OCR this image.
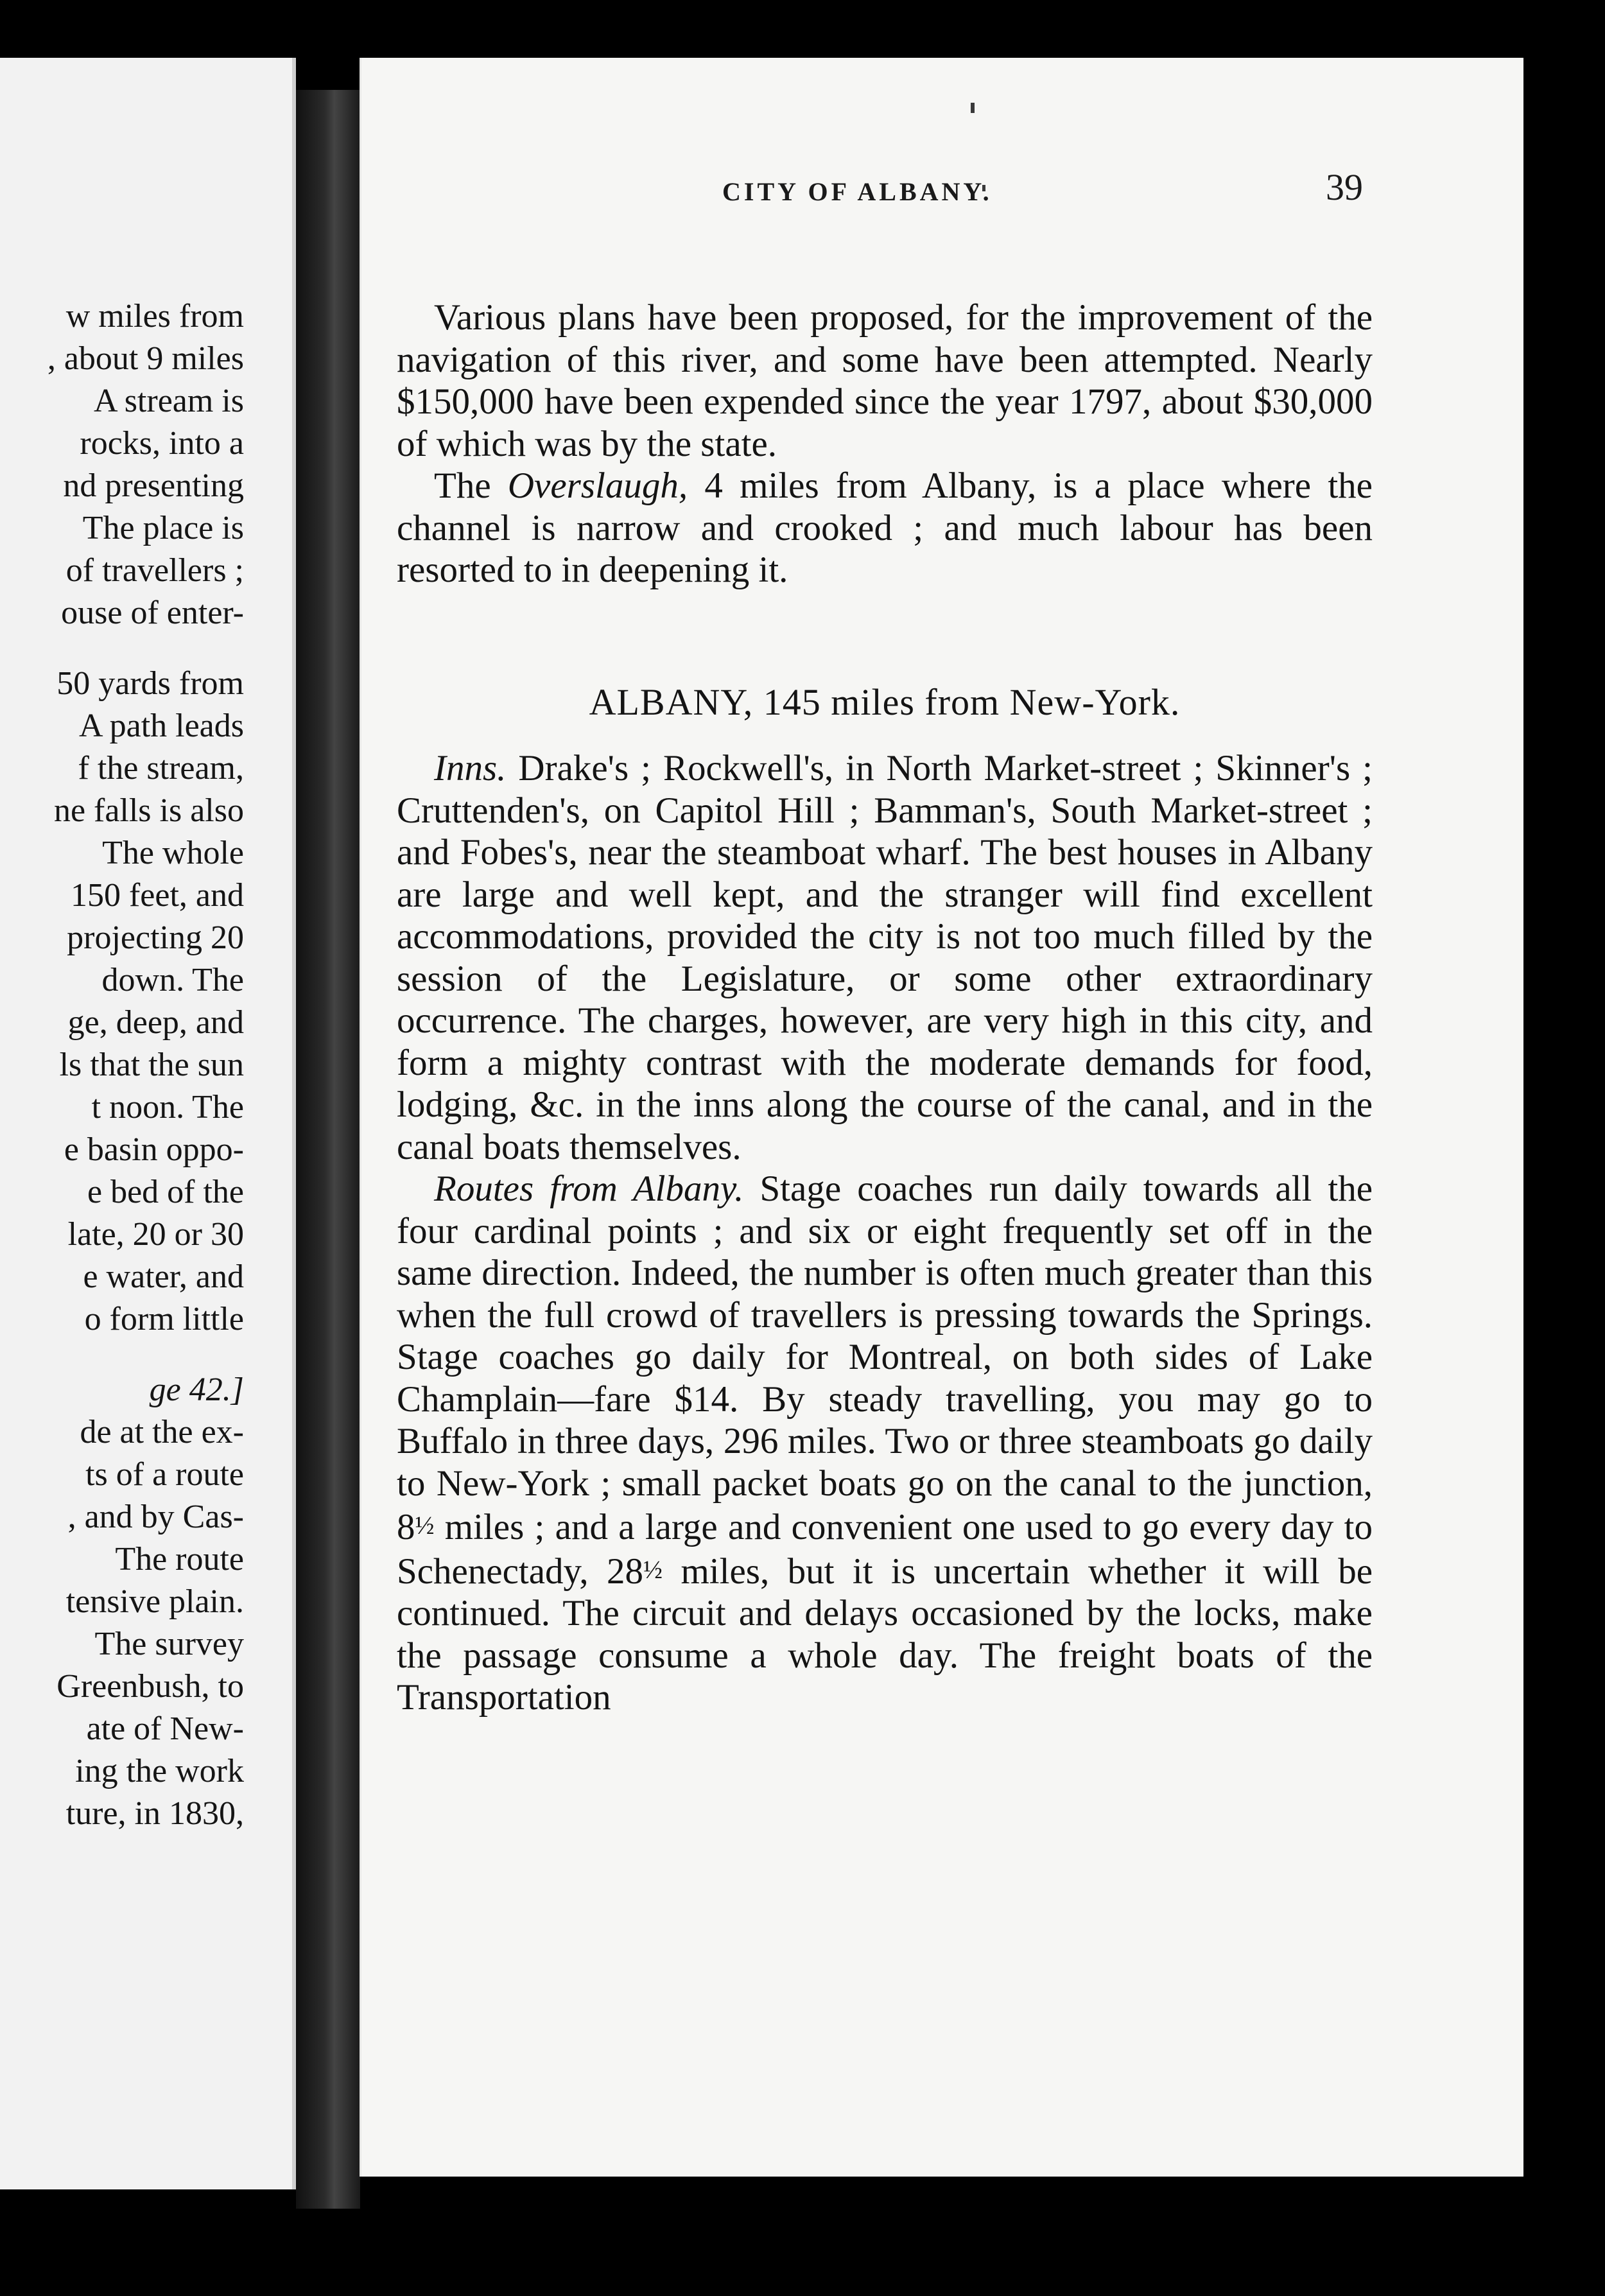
w miles from
, about 9 miles
A stream is
rocks, into a
nd presenting
The place is
of travellers ;
ouse of enter-
50 yards from
A path leads
f the stream,
ne falls is also
The whole
150 feet, and
projecting 20
down. The
ge, deep, and
ls that the sun
t noon. The
e basin oppo-
e bed of the
late, 20 or 30
e water, and
o form little
ge 42.]
de at the ex-
ts of a route
, and by Cas-
The route
tensive plain.
The survey
Greenbush, to
ate of New-
ing the work
ture, in 1830,
CITY OF ALBANY.	39

Various plans have been proposed, for the improvement of the navigation of this river, and some have been attempted. Nearly $150,000 have been expended since the year 1797, about $30,000 of which was by the state.

The Overslaugh, 4 miles from Albany, is a place where the channel is narrow and crooked ; and much labour has been resorted to in deepening it.

ALBANY, 145 miles from New-York.

Inns. Drake's ; Rockwell's, in North Market-street ; Skinner's ; Cruttenden's, on Capitol Hill ; Bamman's, South Market-street ; and Fobes's, near the steamboat wharf. The best houses in Albany are large and well kept, and the stranger will find excellent accommodations, provided the city is not too much filled by the session of the Legislature, or some other extraordinary occurrence. The charges, however, are very high in this city, and form a mighty contrast with the moderate demands for food, lodging, &c. in the inns along the course of the canal, and in the canal boats themselves.

Routes from Albany. Stage coaches run daily towards all the four cardinal points ; and six or eight frequently set off in the same direction. Indeed, the number is often much greater than this when the full crowd of travellers is pressing towards the Springs. Stage coaches go daily for Montreal, on both sides of Lake Champlain—fare $14. By steady travelling, you may go to Buffalo in three days, 296 miles. Two or three steamboats go daily to New-York ; small packet boats go on the canal to the junction, 8½ miles ; and a large and convenient one used to go every day to Schenectady, 28½ miles, but it is uncertain whether it will be continued. The circuit and delays occasioned by the locks, make the passage consume a whole day. The freight boats of the Transportation
